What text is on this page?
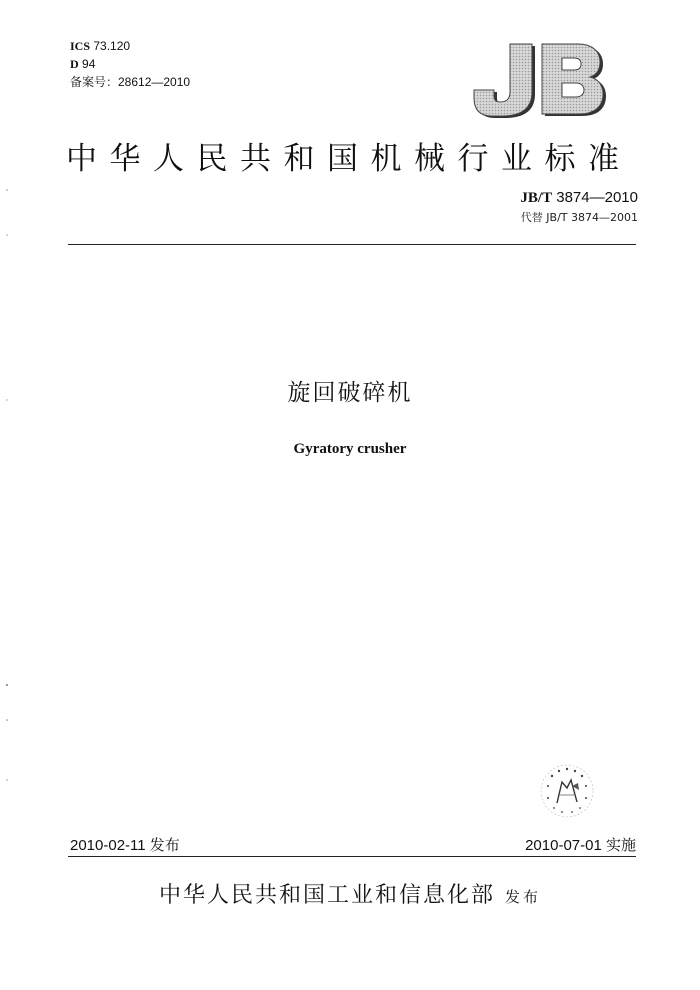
ICS 73.120
D 94
备案号：28612—2010
中华人民共和国机械行业标准
JB/T 3874—2010
代替 JB/T 3874—2001
旋回破碎机
Gyratory crusher
2010-02-11 发布	2010-07-01 实施
中华人民共和国工业和信息化部 发布
